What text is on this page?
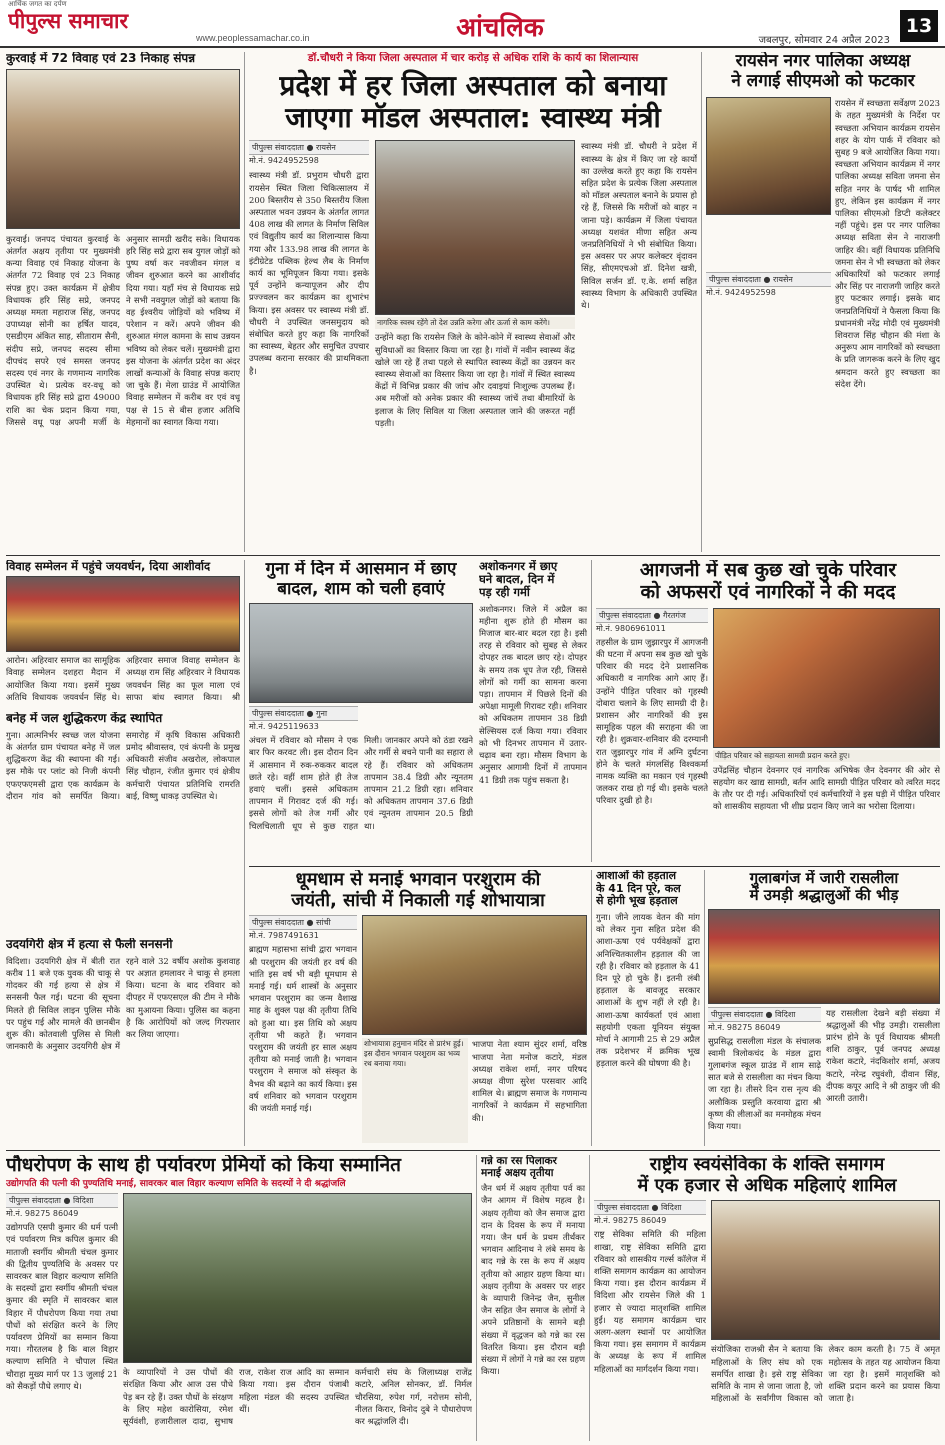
आर्थिक जगत का दर्पण
पीपुल्स समाचार
www.peoplessamachar.co.in	आंचलिक	जबलपुर, सोमवार 24 अप्रैल 2023
13
कुरवाई में 72 विवाह एवं 23 निकाह संपन्न
कुरवाई। जनपद पंचायत कुरवाई के अंतर्गत अक्षय तृतीया पर मुख्यमंत्री कन्या विवाह एवं निकाह योजना के अंतर्गत 72 विवाह एवं 23 निकाह संपन्न हुए। उक्त कार्यक्रम में क्षेत्रीय विधायक हरि सिंह सप्रे, जनपद अध्यक्ष ममता महाराज सिंह, जनपद उपाध्यक्ष सोनी का हर्षित यादव, एसडीएम अंकित साह, सीताराम सैनी, संदीप सप्रे, जनपद सदस्य सीमा दीपचंद सपरे एवं समस्त जनपद सदस्य एवं नगर के गणमान्य नागरिक उपस्थित थे। प्रत्येक वर-वधू को विधायक हरि सिंह सप्रे द्वारा 49000 राशि का चेक प्रदान किया गया, जिससे वधू पक्ष अपनी मर्जी के अनुसार सामग्री खरीद सके। विधायक हरि सिंह सप्रे द्वारा सब युगल जोड़ों को पुष्प वर्षा कर नवजीवन मंगल व जीवन शुरुआत करने का आशीर्वाद दिया गया। यहाँ मंच से विधायक सप्रे ने सभी नवयुगल जोड़ों को बताया कि वह ईश्वरीय जोड़ियों को भविष्य में परेशान न करें। अपने जीवन की शुरुआत मंगल कामना के साथ उन्नयन भविष्य को लेकर चलें। मुख्यमंत्री द्वारा इस योजना के अंतर्गत प्रदेश का अंदर लाखों कन्याओं के विवाह संपन्न कराए जा चुके हैं। मेला ग्राउंड में आयोजित विवाह सम्मेलन में करीब वर एवं वधू पक्ष से 15 से बीस हजार अतिथि मेहमानों का स्वागत किया गया।
डॉ.चौधरी ने किया जिला अस्पताल में चार करोड़ से अधिक राशि के कार्य का शिलान्यास
प्रदेश में हर जिला अस्पताल को बनाया
जाएगा मॉडल अस्पताल: स्वास्थ्य मंत्री
पीपुल्स संवाददाता ● रायसेन
मो.नं. 9424952598
स्वास्थ्य मंत्री डॉ. प्रभुराम चौधरी द्वारा रायसेन स्थित जिला चिकित्सालय में 200 बिस्तरीय से 350 बिस्तरीय जिला अस्पताल भवन उन्नयन के अंतर्गत लागत 408 लाख की लागत के निर्माण सिविल एवं विद्युतीय कार्य का शिलान्यास किया गया और 133.98 लाख की लागत के इंटीग्रेटेड पब्लिक हेल्थ लैब के निर्माण कार्य का भूमिपूजन किया गया। इसके पूर्व उन्होंने कन्यापूजन और दीप प्रज्ज्वलन कर कार्यक्रम का शुभारंभ किया। इस अवसर पर स्वास्थ्य मंत्री डॉ. चौधरी ने उपस्थित जनसमुदाय को संबोधित करते हुए कहा कि नागरिकों का स्वास्थ्य, बेहतर और समुचित उपचार उपलब्ध कराना सरकार की प्राथमिकता है।
नागरिक स्वस्थ रहेंगे तो देश उन्नति करेगा और ऊर्जा से काम करेंगे।
उन्होंने कहा कि रायसेन जिले के कोने-कोने में स्वास्थ्य सेवाओं और सुविधाओं का विस्तार किया जा रहा है। गांवों में नवीन स्वास्थ्य केंद्र खोले जा रहे हैं तथा पहले से स्थापित स्वास्थ्य केंद्रों का उन्नयन कर स्वास्थ्य सेवाओं का विस्तार किया जा रहा है। गांवों में स्थित स्वास्थ्य केंद्रों में विभिन्न प्रकार की जांच और दवाइयां निःशुल्क उपलब्ध हैं। अब मरीजों को अनेक प्रकार की स्वास्थ्य जांचें तथा बीमारियों के इलाज के लिए सिविल या जिला अस्पताल जाने की जरूरत नहीं पड़ती।
स्वास्थ्य मंत्री डॉ. चौधरी ने प्रदेश में स्वास्थ्य के क्षेत्र में किए जा रहे कार्यों का उल्लेख करते हुए कहा कि रायसेन सहित प्रदेश के प्रत्येक जिला अस्पताल को मॉडल अस्पताल बनाने के प्रयास हो रहे हैं, जिससे कि मरीजों को बाहर न जाना पड़े। कार्यक्रम में जिला पंचायत अध्यक्ष यशवंत मीणा सहित अन्य जनप्रतिनिधियों ने भी संबोधित किया। इस अवसर पर अपर कलेक्टर वृंदावन सिंह, सीएमएचओ डॉ. दिनेश खत्री, सिविल सर्जन डॉ. ए.के. शर्मा सहित स्वास्थ्य विभाग के अधिकारी उपस्थित थे।
रायसेन नगर पालिका अध्यक्ष
ने लगाई सीएमओ को फटकार
रायसेन में स्वच्छता सर्वेक्षण 2023 के तहत मुख्यमंत्री के निर्देश पर स्वच्छता अभियान कार्यक्रम रायसेन शहर के योग पार्क में रविवार को सुबह 9 बजे आयोजित किया गया। स्वच्छता अभियान कार्यक्रम में नगर पालिका अध्यक्ष सविता जमना सेन सहित नगर के पार्षद भी शामिल हुए, लेकिन इस कार्यक्रम में नगर पालिका सीएमओ डिप्टी कलेक्टर नहीं पहुंचे। इस पर नगर पालिका अध्यक्ष सविता सेन ने नाराजगी जाहिर की। वहीं विधायक प्रतिनिधि जमना सेन ने भी स्वच्छता को लेकर अधिकारियों को फटकार लगाई और सिंह पर नाराजगी जाहिर करते हुए फटकार लगाई। इसके बाद जनप्रतिनिधियों ने फैसला किया कि प्रधानमंत्री नरेंद्र मोदी एवं मुख्यमंत्री शिवराज सिंह चौहान की मंशा के अनुरूप आम नागरिकों को स्वच्छता के प्रति जागरूक करने के लिए खुद श्रमदान करते हुए स्वच्छता का संदेश देंगे।
पीपुल्स संवाददाता ● रायसेन
मो.नं. 9424952598
विवाह सम्मेलन में पहुंचे जयवर्धन, दिया आशीर्वाद
आरोन। अहिरवार समाज का सामूहिक विवाह सम्मेलन दशहरा मैदान में आयोजित किया गया। इसमें मुख्य अतिथि विधायक जयवर्धन सिंह थे। अहिरवार समाज विवाह सम्मेलन के अध्यक्ष राम सिंह अहिरवार ने विधायक जयवर्धन सिंह का फूल माला एवं साफा बांध स्वागत किया। श्री
बनेह में जल शुद्धिकरण केंद्र स्थापित
गुना। आत्मनिर्भर स्वच्छ जल योजना के अंतर्गत ग्राम पंचायत बनेह में जल शुद्धिकरण केंद्र की स्थापना की गई। इस मौके पर प्लांट को निजी कंपनी एफएफएमसी द्वारा एक कार्यक्रम के दौरान गांव को समर्पित किया। समारोह में कृषि विकास अधिकारी प्रमोद श्रीवास्तव, एवं कंपनी के प्रमुख अधिकारी संजीव अखरोल, लोकपाल सिंह चौहान, रंजीत कुमार एवं क्षेत्रीय कर्मचारी पंचायत प्रतिनिधि रामरति बाई, विष्णु धाकड़ उपस्थित थे।
उदयगिरी क्षेत्र में हत्या से फैली सनसनी
विदिशा। उदयगिरी क्षेत्र में बीती रात करीब 11 बजे एक युवक की चाकू से गोदकर की गई हत्या से क्षेत्र में सनसनी फैल गई। घटना की सूचना मिलते ही सिविल लाइन पुलिस मौके पर पहुंच गई और मामले की छानबीन शुरू की। कोतवाली पुलिस से मिली जानकारी के अनुसार उदयगिरी क्षेत्र में रहने वाले 32 वर्षीय अशोक कुशवाह पर अज्ञात हमलावर ने चाकू से हमला किया। घटना के बाद रविवार को दीपहर में एफएसएल की टीम ने मौके का मुआयना किया। पुलिस का कहना है कि आरोपियों को जल्द गिरफ्तार कर लिया जाएगा।
गुना में दिन में आसमान में छाए
बादल, शाम को चली हवाएं
पीपुल्स संवाददाता ● गुना
मो.नं. 9425119633
अंचल में रविवार को मौसम ने एक बार फिर करवट ली। इस दौरान दिन में आसमान में रुक-रुककर बादल छाते रहे। वहीं शाम होते ही तेज हवाएं चलीं। इससे अधिकतम तापमान में गिरावट दर्ज की गई। इससे लोगों को तेज गर्मी और चिलचिलाती धूप से कुछ राहत मिली। जानकार अपने को ठंडा रखने और गर्मी से बचने पानी का सहारा ले रहे हैं। रविवार को अधिकतम तापमान 38.4 डिग्री और न्यूनतम तापमान 21.2 डिग्री रहा। शनिवार को अधिकतम तापमान 37.6 डिग्री एवं न्यूनतम तापमान 20.5 डिग्री था।
अशोकनगर में छाए
घने बादल, दिन में
पड़ रही गर्मी
अशोकनगर। जिले में अप्रैल का महीना शुरू होते ही मौसम का मिजाज बार-बार बदल रहा है। इसी तरह से रविवार को सुबह से लेकर दोपहर तक बादल छाए रहे। दोपहर के समय तक धूप तेज रही, जिससे लोगों को गर्मी का सामना करना पड़ा। तापमान में पिछले दिनों की अपेक्षा मामूली गिरावट रही। शनिवार को अधिकतम तापमान 38 डिग्री सेल्सियस दर्ज किया गया। रविवार को भी दिनभर तापमान में उतार-चढ़ाव बना रहा। मौसम विभाग के अनुसार आगामी दिनों में तापमान 41 डिग्री तक पहुंच सकता है।
आगजनी में सब कुछ खो चुके परिवार
को अफसरों एवं नागरिकों ने की मदद
पीपुल्स संवाददाता ● गैरतगंज
मो.नं. 9806961011
तहसील के ग्राम जुझारपुर में आगजनी की घटना में अपना सब कुछ खो चुके परिवार की मदद देने प्रशासनिक अधिकारी व नागरिक आगे आए हैं। उन्होंने पीड़ित परिवार को गृहस्थी दोबारा चलाने के लिए सामग्री दी है। प्रशासन और नागरिकों की इस सामूहिक पहल की सराहना की जा रही है। शुक्रवार-शनिवार की दरम्यानी रात जुझारपुर गांव में अग्नि दुर्घटना होने के चलते मंगलसिंह विश्वकर्मा नामक व्यक्ति का मकान एवं गृहस्थी जलकर राख हो गई थी। इसके चलते परिवार दुखी हो है।
पीड़ित परिवार को सहायता सामग्री प्रदान करते हुए।
उपेंद्रसिंह चौहान देवनगर एवं नागरिक अभिषेक जैन देवनगर की ओर से सहयोग कर खाद्य सामग्री, बर्तन आदि सामग्री पीड़ित परिवार को त्वरित मदद के तौर पर दी गई। अधिकारियों एवं कर्मचारियों ने इस घड़ी में पीड़ित परिवार को शासकीय सहायता भी शीघ्र प्रदान किए जाने का भरोसा दिलाया।
धूमधाम से मनाई भगवान परशुराम की
जयंती, सांची में निकाली गई शोभायात्रा
पीपुल्स संवाददाता ● सांची
मो.नं. 7987491631
ब्राह्मण महासभा सांची द्वारा भगवान श्री परशुराम की जयंती हर वर्ष की भांति इस वर्ष भी बड़ी धूमधाम से मनाई गई। धर्म शास्त्रों के अनुसार भगवान परशुराम का जन्म वैशाख माह के शुक्ल पक्ष की तृतीया तिथि को हुआ था। इस तिथि को अक्षय तृतीया भी कहते हैं। भगवान परशुराम की जयंती हर साल अक्षय तृतीया को मनाई जाती है। भगवान परशुराम ने समाज को संस्कृत के वैभव की बढ़ाने का कार्य किया। इस वर्ष शनिवार को भगवान परशुराम की जयंती मनाई गई।
शोभायात्रा हनुमान मंदिर से प्रारंभ हुई। इस दौरान भगवान परशुराम का भव्य रथ बनाया गया।
भाजपा नेता श्याम सुंदर शर्मा, वरिष्ठ भाजपा नेता मनोज कटारे, मंडल अध्यक्ष राकेश शर्मा, नगर परिषद अध्यक्ष वीणा सुरेश परसवार आदि शामिल थे। ब्राह्मण समाज के गणमान्य नागरिकों ने कार्यक्रम में सहभागिता की।
आशाओं की हड़ताल
के 41 दिन पूरे, कल
से होगी भूख हड़ताल
गुना। जीने लायक वेतन की मांग को लेकर गुना सहित प्रदेश की आशा-ऊषा एवं पर्यवेक्षकों द्वारा अनिश्चितकालीन हड़ताल की जा रही है। रविवार को हड़ताल के 41 दिन पूरे हो चुके हैं। इतनी लंबी हड़ताल के बावजूद सरकार आशाओं के शुभ नहीं ले रही है। आशा-ऊषा कार्यकर्ता एवं आशा सहयोगी एकता यूनियन संयुक्त मोर्चा ने आगामी 25 से 29 अप्रैल तक प्रदेशभर में क्रमिक भूख हड़ताल करने की घोषणा की है।
गुलाबगंज में जारी रासलीला
में उमड़ी श्रद्धालुओं की भीड़
पीपुल्स संवाददाता ● विदिशा
मो.नं. 98275 86049
सुप्रसिद्ध रासलीला मंडल के संचालक स्वामी त्रिलोकचंद के मंडल द्वारा गुलाबगंज स्कूल ग्राउंड में शाम साढ़े सात बजे से रासलीला का मंचन किया जा रहा है। तीसरे दिन रास नृत्य की अलौकिक प्रस्तुति करवाया द्वारा श्री कृष्ण की लीलाओं का मनमोहक मंचन किया गया।
यह रासलीला देखने बड़ी संख्या में श्रद्धालुओं की भीड़ उमड़ी। रासलीला प्रारंभ होने के पूर्व विधायक श्रीमती शशि ठाकुर, पूर्व जनपद अध्यक्ष राकेश कटारे, नंदकिशोर शर्मा, अजय कटारे, नरेन्द्र रघुवंशी, दीवान सिंह, दीपक कपूर आदि ने श्री ठाकुर जी की आरती उतारी।
पौधरोपण के साथ ही पर्यावरण प्रेमियों को किया सम्मानित
उद्योगपति की पत्नी की पुण्यतिथि मनाई, सावरकर बाल विहार कल्याण समिति के सदस्यों ने दी श्रद्धांजलि
पीपुल्स संवाददाता ● विदिशा
मो.नं. 98275 86049
उद्योगपति एसपी कुमार की धर्म पत्नी एवं पर्यावरण मित्र कपिल कुमार की माताजी स्वर्गीय श्रीमती चंचल कुमार की द्वितीय पुण्यतिथि के अवसर पर सावरकर बाल विहार कल्याण समिति के सदस्यों द्वारा स्वर्गीय श्रीमती चंचल कुमार की स्मृति में सावरकर बाल विहार में पौधरोपण किया गया तथा पौधों को संरक्षित करने के लिए पर्यावरण प्रेमियों का सम्मान किया गया। गौरतलब है कि बाल विहार कल्याण समिति ने चौपाल स्थित चौराहा मुख्य मार्ग पर 13 जुलाई 21 को सैकड़ों पौधे लगाए थे।
के व्यापारियों ने उस पौधों की संरक्षित किया और आज उस पौधे पेड़ बन रहे हैं। उक्त पौधों के संरक्षण के लिए महेश कारोसिया, रमेश सूर्यवंशी, हजारीलाल दादा, सुभाष राज, राकेश राज आदि का सम्मान किया गया। इस दौरान पंजाबी महिला मंडल की सदस्य उपस्थित थीं।
कर्मचारी संघ के जिलाध्यक्ष राजेंद्र कटारे, अनिल सोनकर, डॉ. निर्मल चौरसिया, रुपेश गर्ग, नरोत्तम सोनी, नीलत किरार, विनोद दुबे ने पौधारोपण कर श्रद्धांजलि दी।
गन्ने का रस पिलाकर
मनाई अक्षय तृतीया
जैन धर्म में अक्षय तृतीया पर्व का जैन आगम में विशेष महत्व है। अक्षय तृतीया को जैन समाज द्वारा दान के दिवस के रूप में मनाया गया। जैन धर्म के प्रथम तीर्थंकर भगवान आदिनाथ ने लंबे समय के बाद गन्ने के रस के रूप में अक्षय तृतीया को आहार ग्रहण किया था। अक्षय तृतीया के अवसर पर शहर के व्यापारी जिनेन्द्र जैन, सुनील जैन सहित जैन समाज के लोगों ने अपने प्रतिष्ठानों के सामने बड़ी संख्या में वृद्धजन को गन्ने का रस वितरित किया। इस दौरान बड़ी संख्या में लोगों ने गन्ने का रस ग्रहण किया।
राष्ट्रीय स्वयंसेविका के शक्ति समागम
में एक हजार से अधिक महिलाएं शामिल
पीपुल्स संवाददाता ● विदिशा
मो.नं. 98275 86049
राष्ट्र सेविका समिति की महिला शाखा, राष्ट्र सेविका समिति द्वारा रविवार को शासकीय गर्ल्स कॉलेज में शक्ति समागम कार्यक्रम का आयोजन किया गया। इस दौरान कार्यक्रम में विदिशा और रायसेन जिले की 1 हजार से ज्यादा मातृशक्ति शामिल हुईं। यह समागम कार्यक्रम चार अलग-अलग स्थानों पर आयोजित किया गया। इस समागम में कार्यक्रम के अध्यक्ष के रूप में शामिल महिलाओं का मार्गदर्शन किया गया।
संयोजिका राजश्री सैन ने बताया कि महिलाओं के लिए संघ को एक समर्पित शाखा है। इसे राष्ट्र सेविका समिति के नाम से जाना जाता है, जो महिलाओं के सर्वांगीण विकास को लेकर काम करती है। 75 वें अमृत महोत्सव के तहत यह आयोजन किया जा रहा है। इसमें मातृशक्ति को शक्ति प्रदान करने का प्रयास किया जाता है।
